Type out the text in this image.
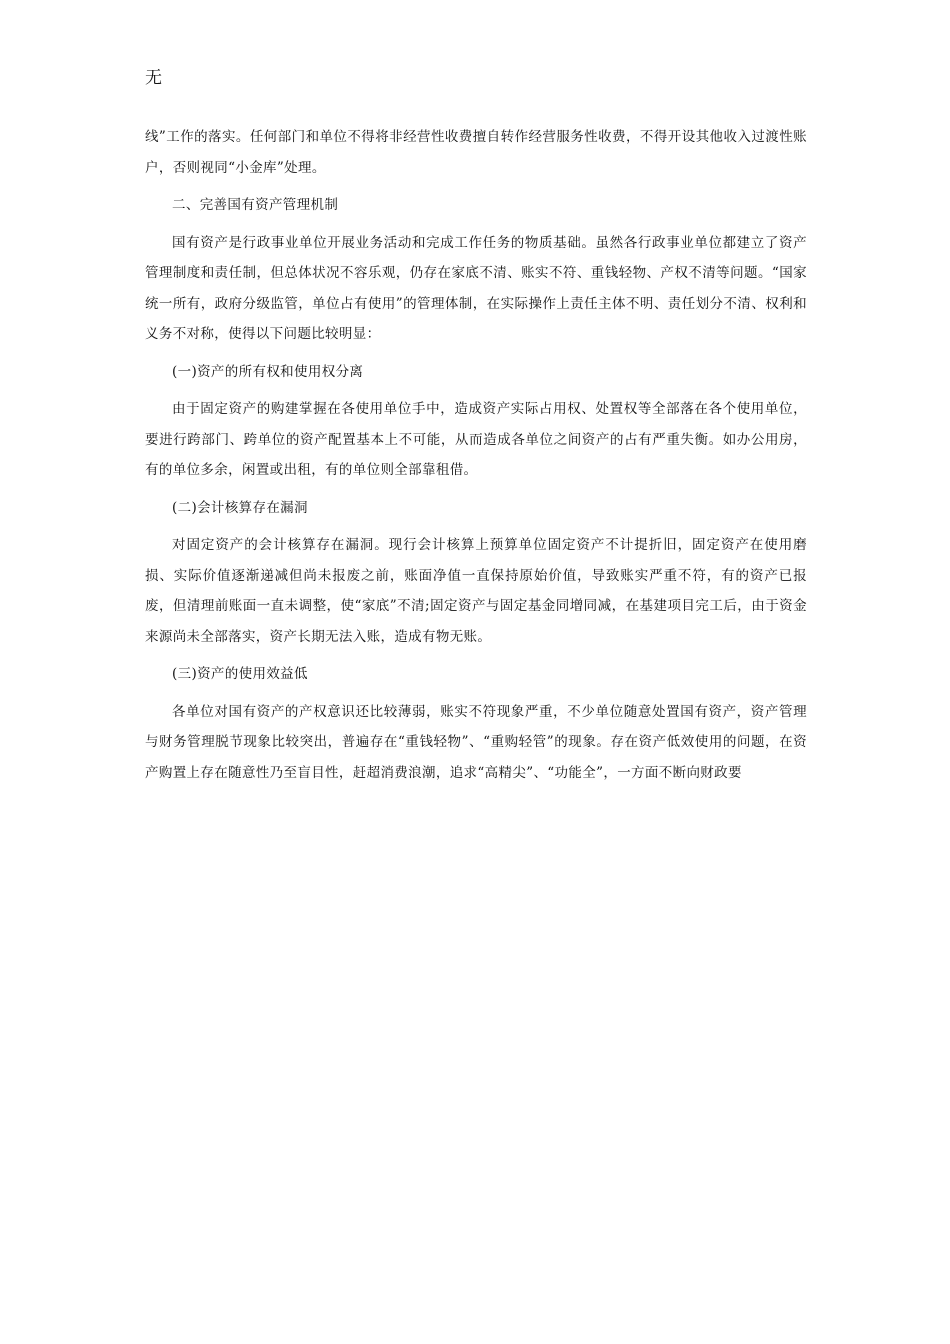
无

线”工作的落实。任何部门和单位不得将非经营性收费擅自转作经营服务性收费，不得开设其他收入过渡性账户，否则视同“小金库”处理。

二、完善国有资产管理机制

国有资产是行政事业单位开展业务活动和完成工作任务的物质基础。虽然各行政事业单位都建立了资产管理制度和责任制，但总体状况不容乐观，仍存在家底不清、账实不符、重钱轻物、产权不清等问题。“国家统一所有，政府分级监管，单位占有使用”的管理体制，在实际操作上责任主体不明、责任划分不清、权利和义务不对称，使得以下问题比较明显：

(一)资产的所有权和使用权分离

由于固定资产的购建掌握在各使用单位手中，造成资产实际占用权、处置权等全部落在各个使用单位，要进行跨部门、跨单位的资产配置基本上不可能，从而造成各单位之间资产的占有严重失衡。如办公用房，有的单位多余，闲置或出租，有的单位则全部靠租借。

(二)会计核算存在漏洞

对固定资产的会计核算存在漏洞。现行会计核算上预算单位固定资产不计提折旧，固定资产在使用磨损、实际价值逐渐递减但尚未报废之前，账面净值一直保持原始价值，导致账实严重不符，有的资产已报废，但清理前账面一直未调整，使“家底”不清;固定资产与固定基金同增同减，在基建项目完工后，由于资金来源尚未全部落实，资产长期无法入账，造成有物无账。

(三)资产的使用效益低

各单位对国有资产的产权意识还比较薄弱，账实不符现象严重，不少单位随意处置国有资产，资产管理与财务管理脱节现象比较突出，普遍存在“重钱轻物”、“重购轻管”的现象。存在资产低效使用的问题，在资产购置上存在随意性乃至盲目性，赶超消费浪潮，追求“高精尖”、“功能全”，一方面不断向财政要
